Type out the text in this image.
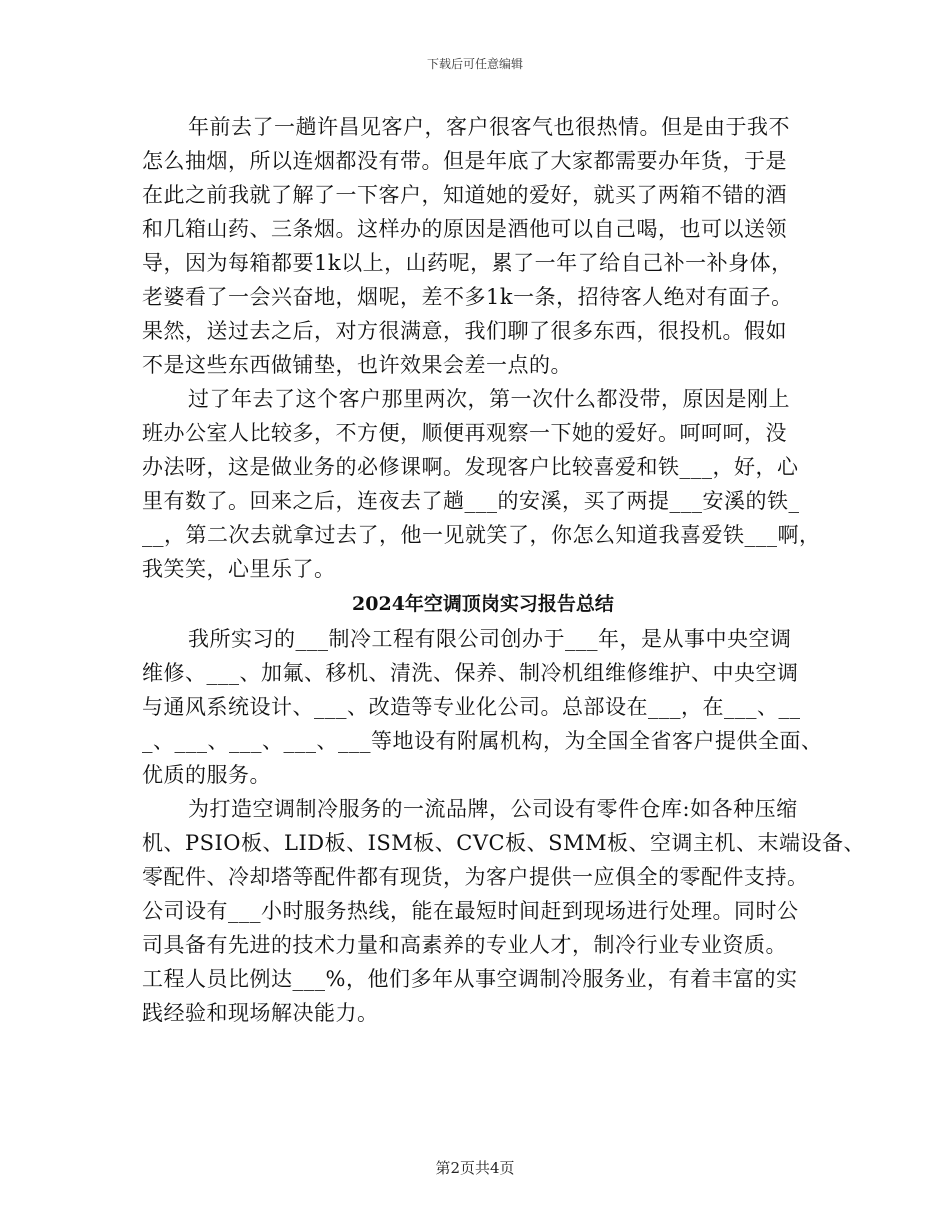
下载后可任意编辑
年前去了一趟许昌见客户，客户很客气也很热情。但是由于我不
怎么抽烟，所以连烟都没有带。但是年底了大家都需要办年货，于是
在此之前我就了解了一下客户，知道她的爱好，就买了两箱不错的酒
和几箱山药、三条烟。这样办的原因是酒他可以自己喝，也可以送领
导，因为每箱都要1k以上，山药呢，累了一年了给自己补一补身体，
老婆看了一会兴奋地，烟呢，差不多1k一条，招待客人绝对有面子。
果然，送过去之后，对方很满意，我们聊了很多东西，很投机。假如
不是这些东西做铺垫，也许效果会差一点的。
过了年去了这个客户那里两次，第一次什么都没带，原因是刚上
班办公室人比较多，不方便，顺便再观察一下她的爱好。呵呵呵，没
办法呀，这是做业务的必修课啊。发现客户比较喜爱和铁___，好，心
里有数了。回来之后，连夜去了趟___的安溪，买了两提___安溪的铁_
__，第二次去就拿过去了，他一见就笑了，你怎么知道我喜爱铁___啊，
我笑笑，心里乐了。
2024年空调顶岗实习报告总结
我所实习的___制冷工程有限公司创办于___年，是从事中央空调
维修、___、加氟、移机、清洗、保养、制冷机组维修维护、中央空调
与通风系统设计、___、改造等专业化公司。总部设在___，在___、__
_、___、___、___、___等地设有附属机构，为全国全省客户提供全面、
优质的服务。
为打造空调制冷服务的一流品牌，公司设有零件仓库:如各种压缩
机、PSIO板、LID板、ISM板、CVC板、SMM板、空调主机、末端设备、
零配件、冷却塔等配件都有现货，为客户提供一应俱全的零配件支持。
公司设有___小时服务热线，能在最短时间赶到现场进行处理。同时公
司具备有先进的技术力量和高素养的专业人才，制冷行业专业资质。
工程人员比例达___%，他们多年从事空调制冷服务业，有着丰富的实
践经验和现场解决能力。
第2页共4页
